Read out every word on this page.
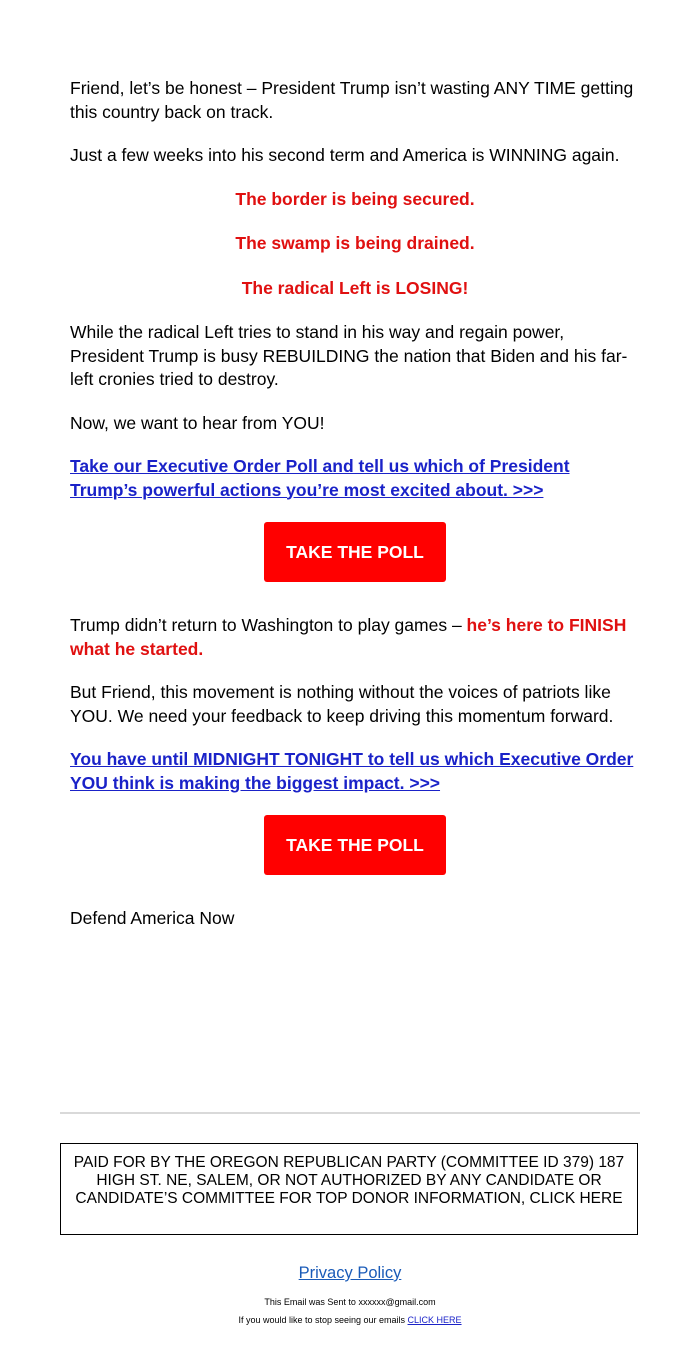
Friend, let’s be honest – President Trump isn’t wasting ANY TIME getting this country back on track.

Just a few weeks into his second term and America is WINNING again.

The border is being secured.

The swamp is being drained.

The radical Left is LOSING!

While the radical Left tries to stand in his way and regain power, President Trump is busy REBUILDING the nation that Biden and his far-left cronies tried to destroy.

Now, we want to hear from YOU!

Take our Executive Order Poll and tell us which of President Trump’s powerful actions you’re most excited about. >>>

TAKE THE POLL

Trump didn’t return to Washington to play games – he’s here to FINISH what he started.

But Friend, this movement is nothing without the voices of patriots like YOU. We need your feedback to keep driving this momentum forward.

You have until MIDNIGHT TONIGHT to tell us which Executive Order YOU think is making the biggest impact. >>>

TAKE THE POLL

Defend America Now

PAID FOR BY THE OREGON REPUBLICAN PARTY (COMMITTEE ID 379) 187 HIGH ST. NE, SALEM, OR NOT AUTHORIZED BY ANY CANDIDATE OR CANDIDATE’S COMMITTEE FOR TOP DONOR INFORMATION, CLICK HERE
Privacy Policy
This Email was Sent to xxxxxx@gmail.com
If you would like to stop seeing our emails CLICK HERE
